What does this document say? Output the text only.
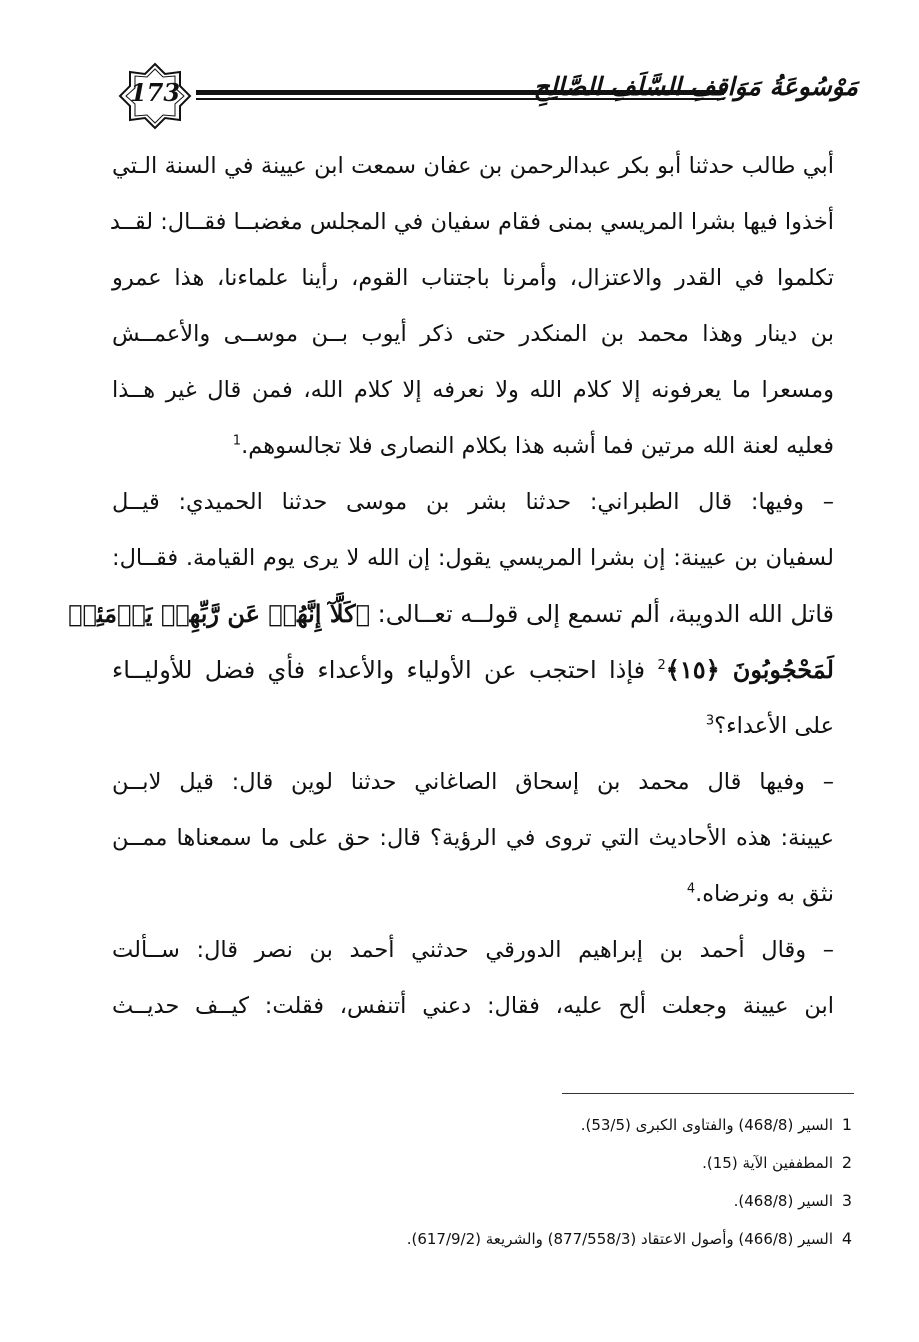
173	مَوْسُوعَةُ مَوَاقِفِ السَّلَفِ الصَّالِحِ
أبي طالب حدثنا أبو بكر عبدالرحمن بن عفان سمعت ابن عيينة في السنة الـتي
أخذوا فيها بشرا المريسي بمنى فقام سفيان في المجلس مغضبــا فقــال: لقــد
تكلموا في القدر والاعتزال، وأمرنا باجتناب القوم، رأينا علماءنا، هذا عمرو
بن دينار وهذا محمد بن المنكدر حتى ذكر أيوب بــن موســى والأعمــش
ومسعرا ما يعرفونه إلا كلام الله ولا نعرفه إلا كلام الله، فمن قال غير هــذا
فعليه لعنة الله مرتين فما أشبه هذا بكلام النصارى فلا تجالسوهم.$^1$
– وفيها: قال الطبراني: حدثنا بشر بن موسى حدثنا الحميدي: قيــل
لسفيان بن عيينة: إن بشرا المريسي يقول: إن الله لا يرى يوم القيامة. فقــال:
قاتل الله الدويبة، ألم تسمع إلى قولــه تعــالى: ﴿كَلَّآ إِنَّهُمۡ عَن رَّبِّهِمۡ يَوۡمَئِذٖ
لَمَحْجُوبُونَ ﴿١٥﴾$^2$ فإذا احتجب عن الأولياء والأعداء فأي فضل للأوليــاء
على الأعداء؟$^3$
– وفيها قال محمد بن إسحاق الصاغاني حدثنا لوين قال: قيل لابــن
عيينة: هذه الأحاديث التي تروى في الرؤية؟ قال: حق على ما سمعناها ممــن
نثق به ونرضاه.$^4$
– وقال أحمد بن إبراهيم الدورقي حدثني أحمد بن نصر قال: ســألت
ابن عيينة وجعلت ألح عليه، فقال: دعني أتنفس، فقلت: كيــف حديــث
1 السير (468/8) والفتاوى الكبرى (53/5).
2 المطففين الآية (15).
3 السير (468/8).
4 السير (466/8) وأصول الاعتقاد (877/558/3) والشريعة (617/9/2).
